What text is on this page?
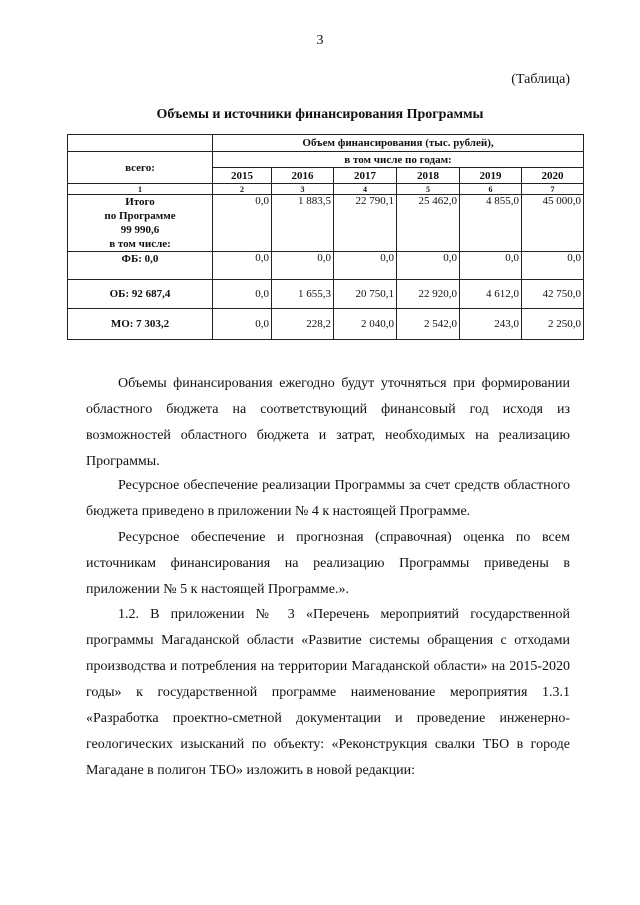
3
(Таблица)
Объемы и источники финансирования Программы
	Объем финансирования (тыс. рублей),					
всего:	в том числе по годам:					
	2015	2016	2017	2018	2019	2020
1	2	3	4	5	6	7

Итого
по Программе
99 990,6
в том числе:	0,0	1 883,5	22 790,1	25 462,0	4 855,0	45 000,0
ФБ: 0,0	0,0	0,0	0,0	0,0	0,0	0,0
ОБ: 92 687,4	0,0	1 655,3	20 750,1	22 920,0	4 612,0	42 750,0
МО: 7 303,2	0,0	228,2	2 040,0	2 542,0	243,0	2 250,0
Объемы финансирования ежегодно будут уточняться при формировании областного бюджета на соответствующий финансовый год исходя из возможностей областного бюджета и затрат, необходимых на реализацию Программы.
Ресурсное обеспечение реализации Программы за счет средств областного бюджета приведено в приложении № 4 к настоящей Программе.
Ресурсное обеспечение и прогнозная (справочная) оценка по всем источникам финансирования на реализацию Программы приведены в приложении № 5 к настоящей Программе.».
1.2. В приложении № 3 «Перечень мероприятий государственной программы Магаданской области «Развитие системы обращения с отходами производства и потребления на территории Магаданской области» на 2015-2020 годы» к государственной программе наименование мероприятия 1.3.1 «Разработка проектно-сметной документации и проведение инженерно-геологических изысканий по объекту: «Реконструкция свалки ТБО в городе Магадане в полигон ТБО» изложить в новой редакции:
